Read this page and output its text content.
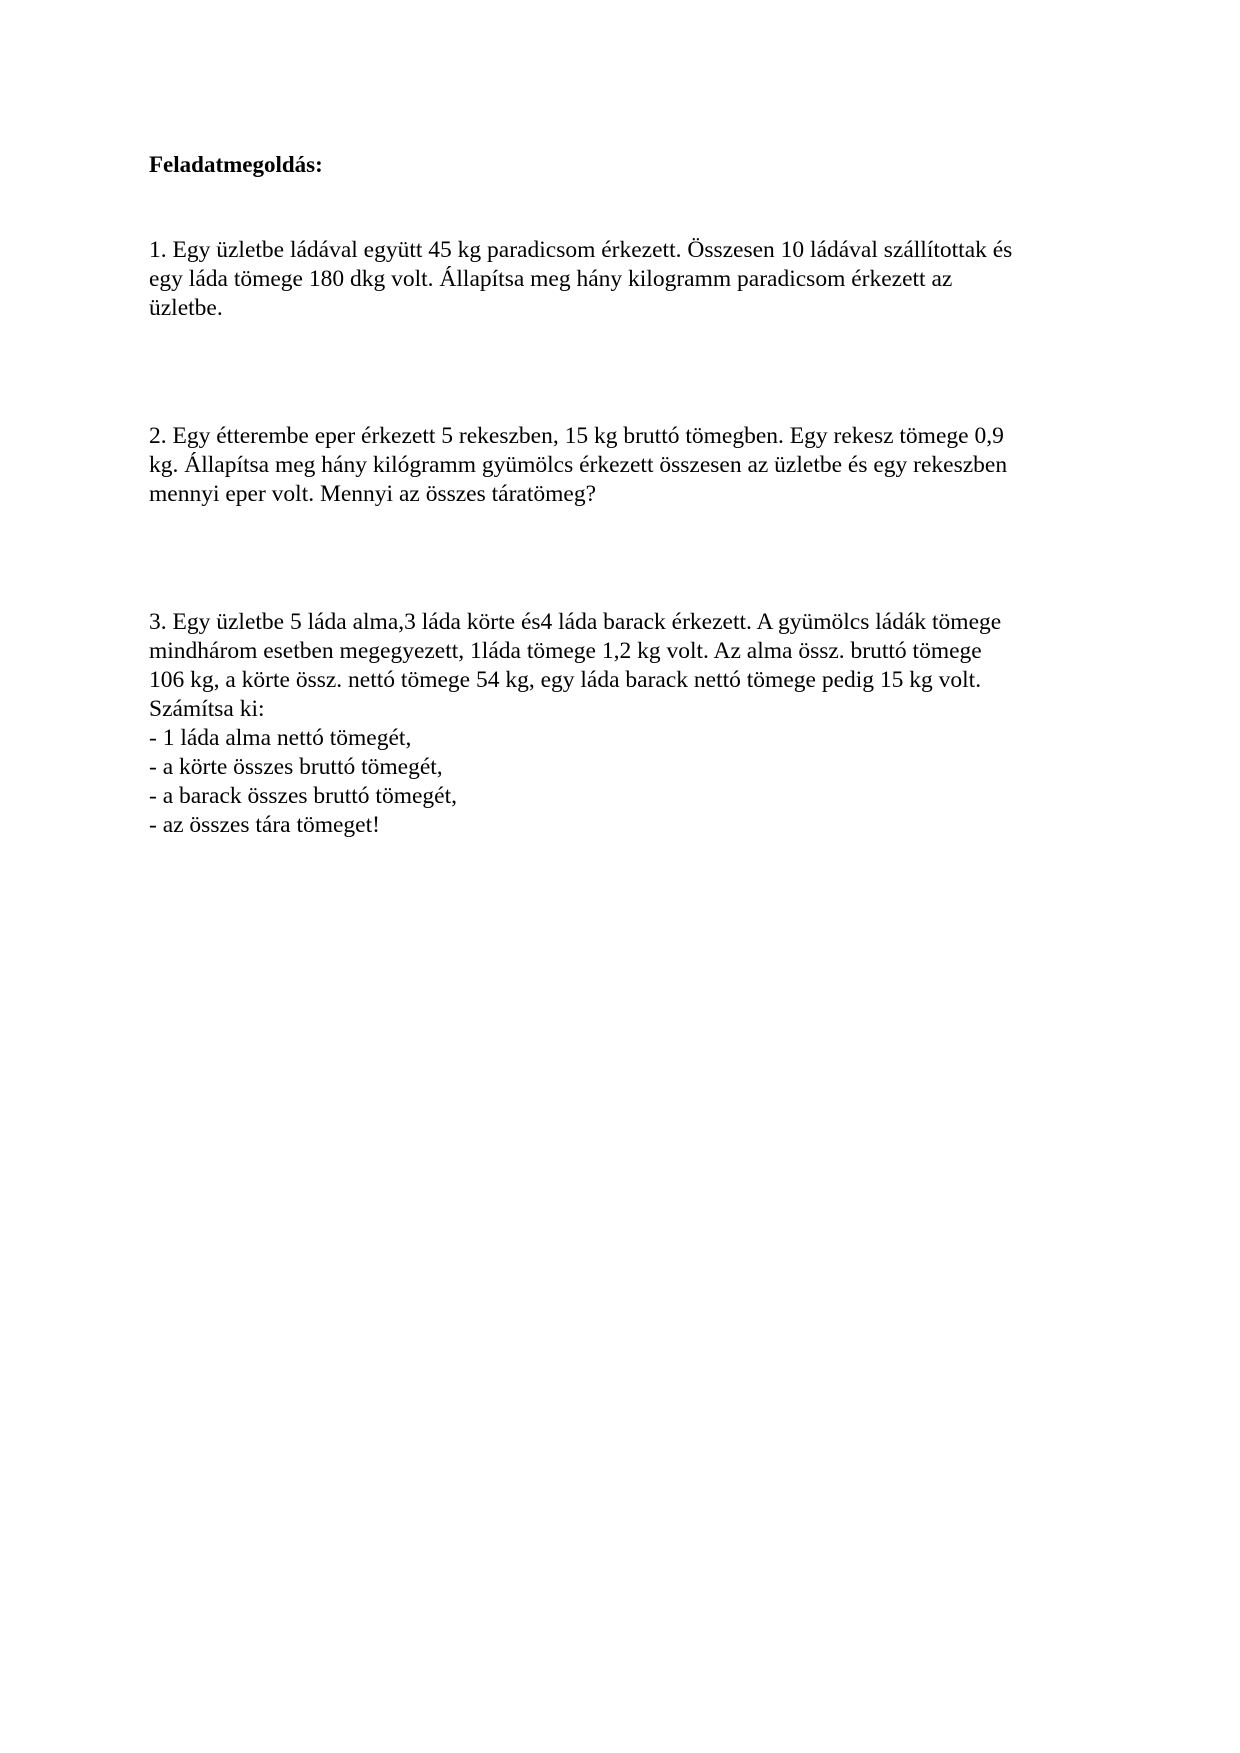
Feladatmegoldás:
1. Egy üzletbe ládával együtt 45 kg paradicsom érkezett. Összesen 10 ládával szállítottak és
egy láda tömege 180 dkg volt. Állapítsa meg hány kilogramm paradicsom érkezett az
üzletbe.
2. Egy étterembe eper érkezett 5 rekeszben, 15 kg bruttó tömegben. Egy rekesz tömege 0,9
kg. Állapítsa meg hány kilógramm gyümölcs érkezett összesen az üzletbe és egy rekeszben
mennyi eper volt. Mennyi az összes táratömeg?
3. Egy üzletbe 5 láda alma,3 láda körte és4 láda barack érkezett. A gyümölcs ládák tömege
mindhárom esetben megegyezett, 1láda tömege 1,2 kg volt. Az alma össz. bruttó tömege
106 kg, a körte össz. nettó tömege 54 kg, egy láda barack nettó tömege pedig 15 kg volt.
Számítsa ki:
- 1 láda alma nettó tömegét,
- a körte összes bruttó tömegét,
- a barack összes bruttó tömegét,
- az összes tára tömeget!
